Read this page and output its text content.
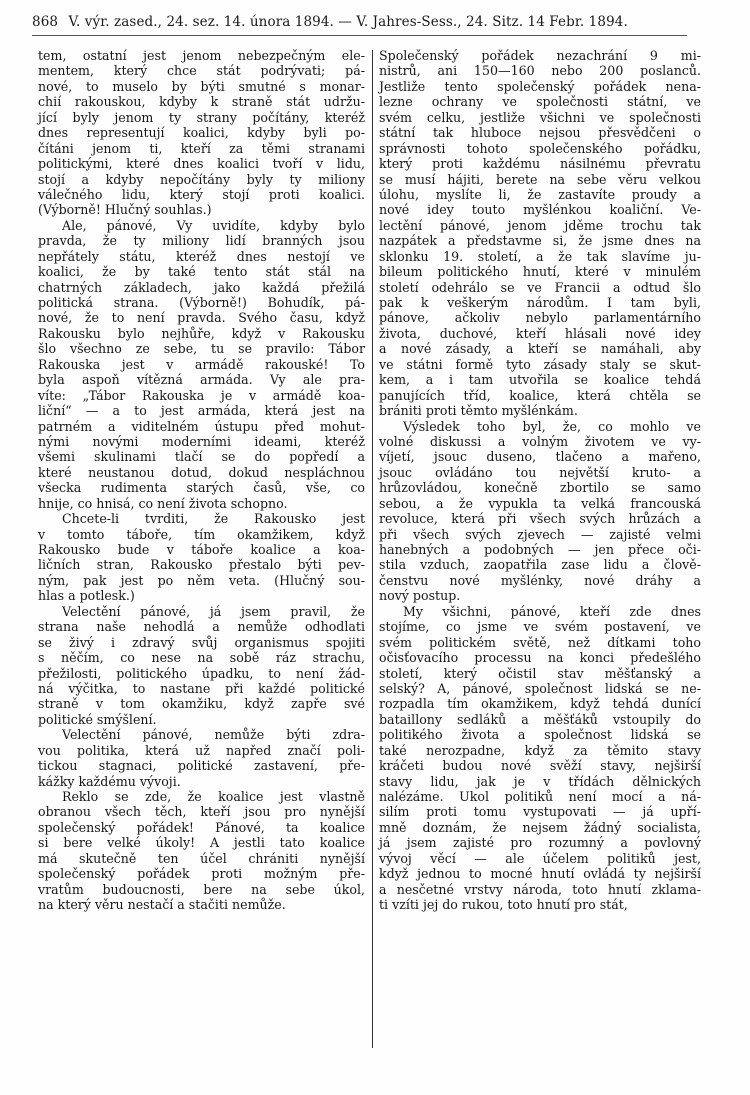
868 V. výr. zased., 24. sez. 14. února 1894. — V. Jahres-Sess., 24. Sitz. 14 Febr. 1894.
tem, ostatní jest jenom nebezpečným ele-
mentem, který chce stát podrývati; pá-
nové, to muselo by býti smutné s monar-
chií rakouskou, kdyby k straně stát udržu-
jící byly jenom ty strany počítány, kteréž
dnes representují koalici, kdyby byli po-
čítáni jenom ti, kteří za těmi stranami
politickými, které dnes koalici tvoří v lidu,
stojí a kdyby nepočítány byly ty miliony
válečného lidu, který stojí proti koalici.
(Výborně! Hlučný souhlas.)
Ale, pánové, Vy uvidíte, kdyby bylo
pravda, že ty miliony lidí branných jsou
nepřátely státu, kteréž dnes nestojí ve
koalici, že by také tento stát stál na
chatrných základech, jako každá přežilá
politická strana. (Výborně!) Bohudík, pá-
nové, že to není pravda. Svého času, když
Rakousku bylo nejhůře, když v Rakousku
šlo všechno ze sebe, tu se pravilo: Tábor
Rakouska jest v armádě rakouské! To
byla aspoň vítězná armáda. Vy ale pra-
víte: „Tábor Rakouska je v armádě koa-
liční“ — a to jest armáda, která jest na
patrném a viditelném ústupu před mohut-
nými novými moderními ideami, kteréž
všemi skulinami tlačí se do popředí a
které neustanou dotud, dokud nespláchnou
všecka rudimenta starých časů, vše, co
hnije, co hnisá, co není života schopno.
Chcete-li tvrditi, že Rakousko jest
v tomto táboře, tím okamžikem, když
Rakousko bude v táboře koalice a koa-
ličních stran, Rakousko přestalo býti pev-
ným, pak jest po něm veta. (Hlučný sou-
hlas a potlesk.)
Velectění pánové, já jsem pravil, že
strana naše nehodlá a nemůže odhodlati
se živý i zdravý svůj organismus spojiti
s něčím, co nese na sobě ráz strachu,
přežilosti, politického úpadku, to není žád-
ná výčitka, to nastane při každé politické
straně v tom okamžiku, když zapře své
politické smýšlení.
Velectění pánové, nemůže býti zdra-
vou politika, která už napřed značí poli-
tickou stagnaci, politické zastavení, pře-
kážky každému vývoji.
Reklo se zde, že koalice jest vlastně
obranou všech těch, kteří jsou pro nynější
společenský pořádek! Pánové, ta koalice
si bere velké úkoly! A jestli tato koalice
má skutečně ten účel chrániti nynější
společenský pořádek proti možným pře-
vratům budoucnosti, bere na sebe úkol,
na který věru nestačí a stačiti nemůže.
Společenský pořádek nezachrání 9 mi-
nistrů, ani 150—160 nebo 200 poslanců.
Jestliže tento společenský pořádek nena-
lezne ochrany ve společnosti státní, ve
svém celku, jestliže všichni ve společnosti
státní tak hluboce nejsou přesvědčeni o
správnosti tohoto společenského pořádku,
který proti každému násilnému převratu
se musí hájiti, berete na sebe věru velkou
úlohu, myslíte li, že zastavíte proudy a
nové idey touto myšlénkou koaliční. Ve-
lectění pánové, jenom jděme trochu tak
nazpátek a představme si, že jsme dnes na
sklonku 19. století, a že tak slavíme ju-
bileum politického hnutí, které v minulém
století odehrálo se ve Francii a odtud šlo
pak k veškerým národům. I tam byli,
pánove, ačkoliv nebylo parlamentárního
života, duchové, kteří hlásali nové idey
a nové zásady, a kteří se namáhali, aby
ve státni formě tyto zásady staly se skut-
kem, a i tam utvořila se koalice tehdá
panujících tříd, koalice, která chtěla se
brániti proti těmto myšlénkám.
Výsledek toho byl, že, co mohlo ve
volné diskussi a volným životem ve vy-
víjetí, jsouc duseno, tlačeno a mařeno,
jsouc ovládáno tou největší kruto- a
hrůzovládou, konečně zbortilo se samo
sebou, a že vypukla ta velká francouská
revoluce, která při všech svých hrůzách a
při všech svých zjevech — zajisté velmi
hanebných a podobných — jen přece oči-
stila vzduch, zaopatřila zase lidu a člově-
čenstvu nové myšlénky, nové dráhy a
nový postup.
My všichni, pánové, kteří zde dnes
stojíme, co jsme ve svém postavení, ve
svém politickém světě, než dítkami toho
očisťovacího processu na konci předešlého
století, který očistil stav měšťanský a
selský? A, pánové, společnost lidská se ne-
rozpadla tím okamžikem, když tehdá dunící
bataillony sedláků a měšťáků vstoupily do
politikého života a společnost lidská se
také nerozpadne, když za těmito stavy
kráčeti budou nové svěží stavy, nejširší
stavy lidu, jak je v třídách dělnických
nalézáme. Ukol politiků není mocí a ná-
silím proti tomu vystupovati — já upří-
mně doznám, že nejsem žádný socialista,
já jsem zajisté pro rozumný a povlovný
vývoj věcí — ale účelem politiků jest,
když jednou to mocné hnutí ovládá ty nejširší
a nesčetné vrstvy národa, toto hnutí zklama-
ti vzíti jej do rukou, toto hnutí pro stát,
